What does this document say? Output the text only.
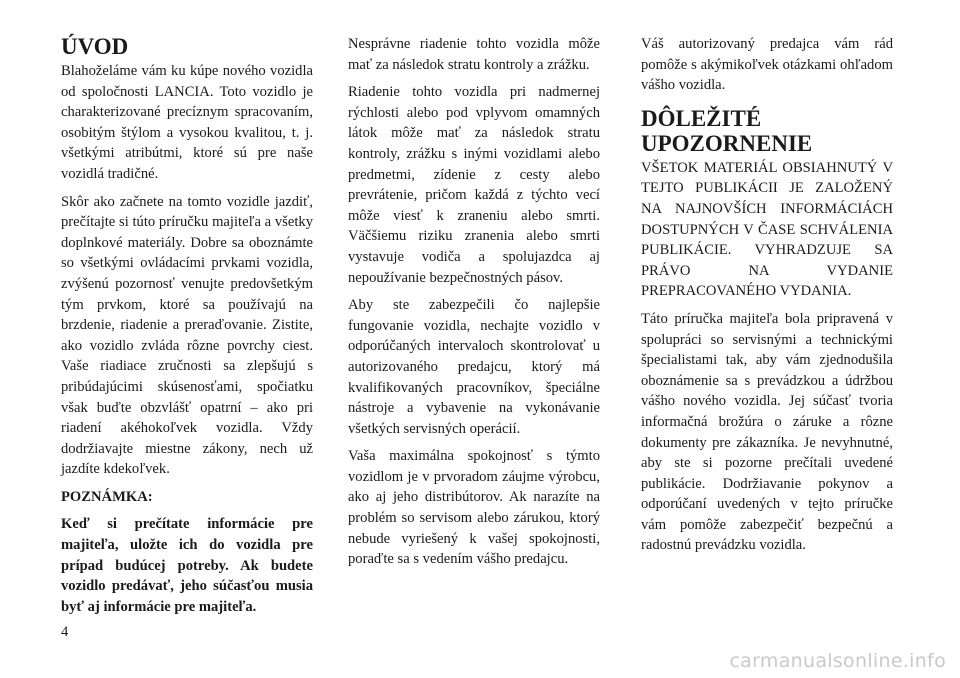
ÚVOD

Blahoželáme vám ku kúpe nového vozidla od spoločnosti LANCIA. Toto vozidlo je charakterizované precíznym spracovaním, osobitým štýlom a vysokou kvalitou, t. j. všetkými atribútmi, ktoré sú pre naše vozidlá tradičné.

Skôr ako začnete na tomto vozidle jazdiť, prečítajte si túto príručku majiteľa a všetky doplnkové materiály. Dobre sa oboznámte so všetkými ovládacími prvkami vozidla, zvýšenú pozornosť venujte predovšetkým tým prvkom, ktoré sa používajú na brzdenie, riadenie a preraďovanie. Zistite, ako vozidlo zvláda rôzne povrchy ciest. Vaše riadiace zručnosti sa zlepšujú s pribúdajúcimi skúsenosťami, spočiatku však buďte obzvlášť opatrní – ako pri riadení akéhokoľvek vozidla. Vždy dodržiavajte miestne zákony, nech už jazdíte kdekoľvek.

POZNÁMKA:

Keď si prečítate informácie pre majiteľa, uložte ich do vozidla pre prípad budúcej potreby. Ak budete vozidlo predávať, jeho súčasťou musia byť aj informácie pre majiteľa.

Nesprávne riadenie tohto vozidla môže mať za následok stratu kontroly a zrážku.

Riadenie tohto vozidla pri nadmernej rýchlosti alebo pod vplyvom omamných látok môže mať za následok stratu kontroly, zrážku s inými vozidlami alebo predmetmi, zídenie z cesty alebo prevrátenie, pričom každá z týchto vecí môže viesť k zraneniu alebo smrti. Väčšiemu riziku zranenia alebo smrti vystavuje vodiča a spolujazdca aj nepoužívanie bezpečnostných pásov.

Aby ste zabezpečili čo najlepšie fungovanie vozidla, nechajte vozidlo v odporúčaných intervaloch skontrolovať u autorizovaného predajcu, ktorý má kvalifikovaných pracovníkov, špeciálne nástroje a vybavenie na vykonávanie všetkých servisných operácií.

Vaša maximálna spokojnosť s týmto vozidlom je v prvoradom záujme výrobcu, ako aj jeho distribútorov. Ak narazíte na problém so servisom alebo zárukou, ktorý nebude vyriešený k vašej spokojnosti, poraďte sa s vedením vášho predajcu.

Váš autorizovaný predajca vám rád pomôže s akýmikoľvek otázkami ohľadom vášho vozidla.

DÔLEŽITÉ UPOZORNENIE

VŠETOK MATERIÁL OBSIAHNUTÝ V TEJTO PUBLIKÁCII JE ZALOŽENÝ NA NAJNOVŠÍCH INFORMÁCIÁCH DOSTUPNÝCH V ČASE SCHVÁLENIA PUBLIKÁCIE. VYHRADZUJE SA PRÁVO NA VYDANIE PREPRACOVANÉHO VYDANIA.

Táto príručka majiteľa bola pripravená v spolupráci so servisnými a technickými špecialistami tak, aby vám zjednodušila oboznámenie sa s prevádzkou a údržbou vášho nového vozidla. Jej súčasť tvoria informačná brožúra o záruke a rôzne dokumenty pre zákazníka. Je nevyhnutné, aby ste si pozorne prečítali uvedené publikácie. Dodržiavanie pokynov a odporúčaní uvedených v tejto príručke vám pomôže zabezpečiť bezpečnú a radostnú prevádzku vozidla.

4
carmanualsonline.info
